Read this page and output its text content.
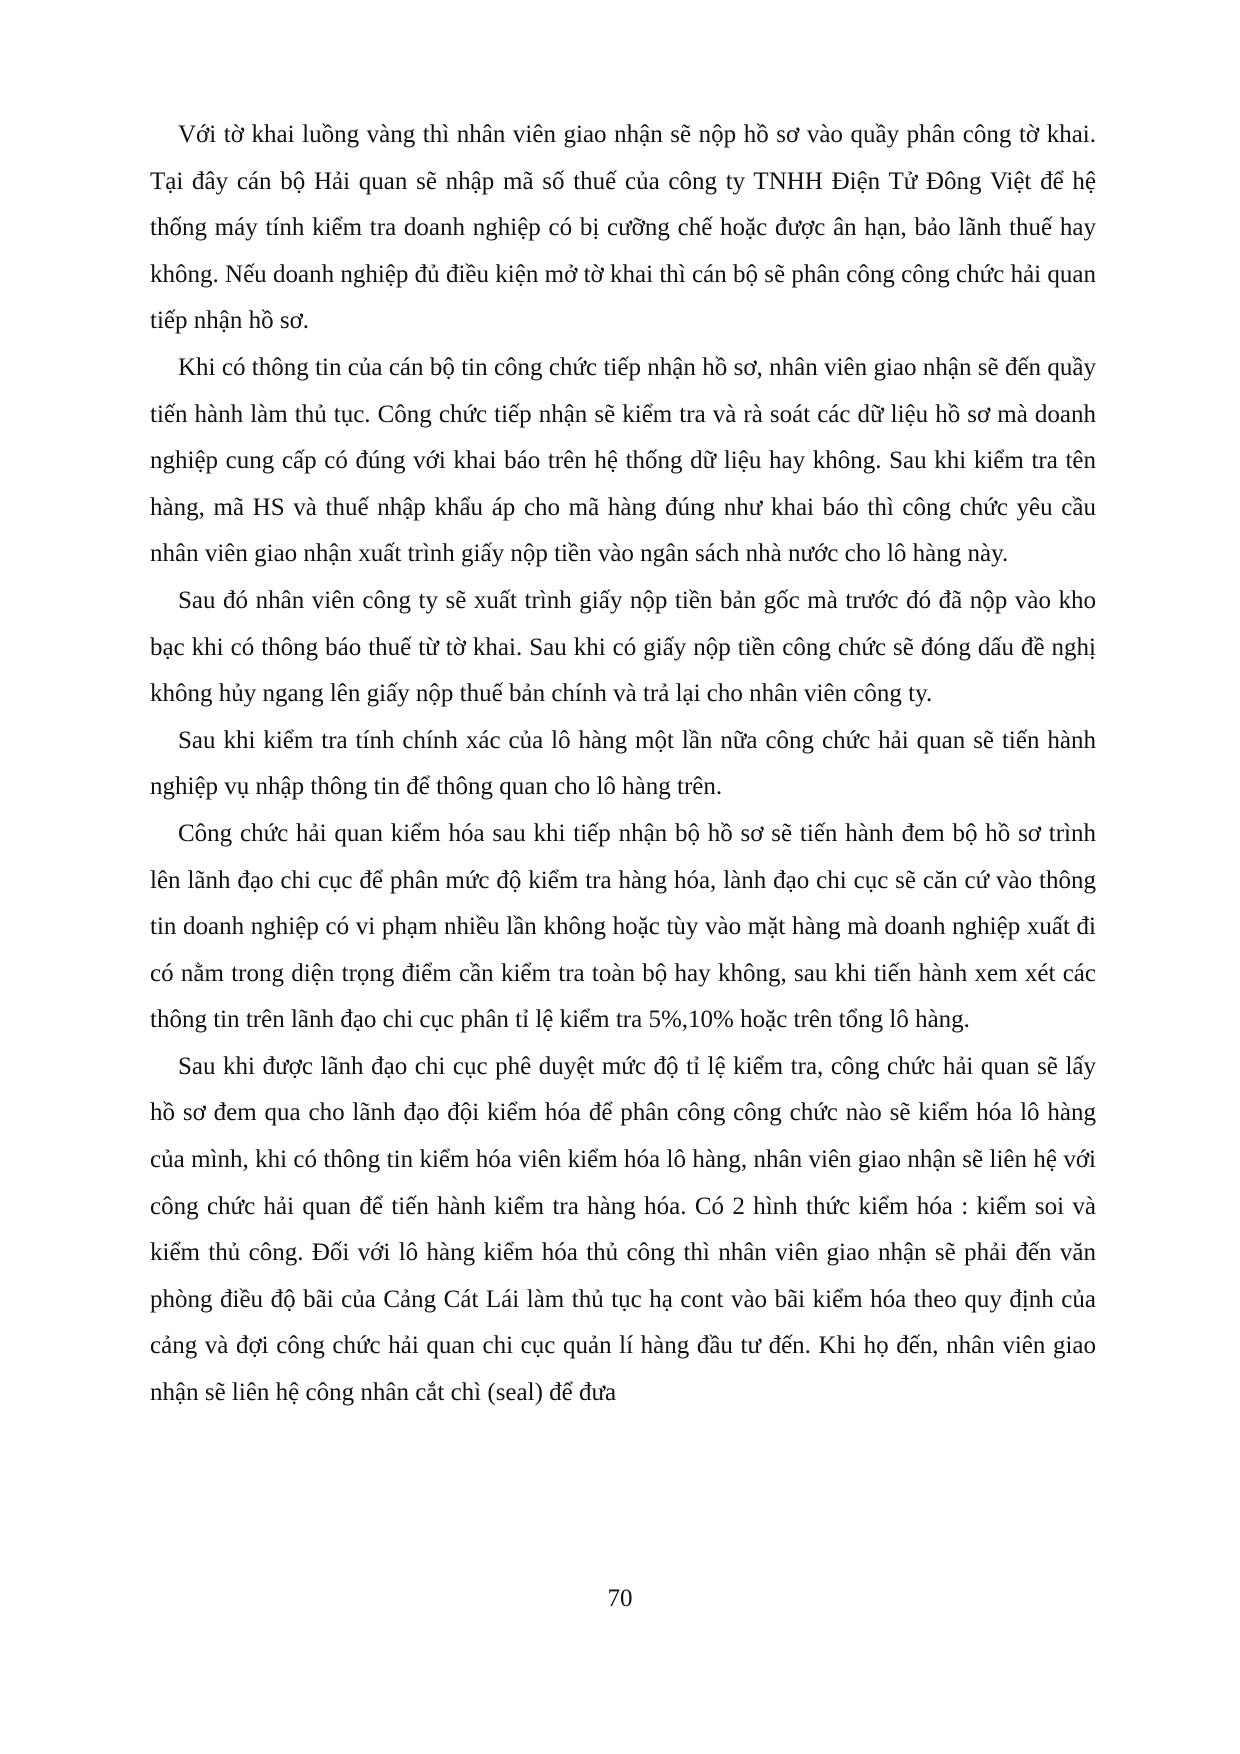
Với tờ khai luồng vàng thì nhân viên giao nhận sẽ nộp hồ sơ vào quầy phân công tờ khai. Tại đây cán bộ Hải quan sẽ nhập mã số thuế của công ty TNHH Điện Tử Đông Việt để hệ thống máy tính kiểm tra doanh nghiệp có bị cưỡng chế hoặc được ân hạn, bảo lãnh thuế hay không. Nếu doanh nghiệp đủ điều kiện mở tờ khai thì cán bộ sẽ phân công công chức hải quan tiếp nhận hồ sơ.

Khi có thông tin của cán bộ tin công chức tiếp nhận hồ sơ, nhân viên giao nhận sẽ đến quầy tiến hành làm thủ tục. Công chức tiếp nhận sẽ kiểm tra và rà soát các dữ liệu hồ sơ mà doanh nghiệp cung cấp có đúng với khai báo trên hệ thống dữ liệu hay không. Sau khi kiểm tra tên hàng, mã HS và thuế nhập khẩu áp cho mã hàng đúng như khai báo thì công chức yêu cầu nhân viên giao nhận xuất trình giấy nộp tiền vào ngân sách nhà nước cho lô hàng này.

Sau đó nhân viên công ty sẽ xuất trình giấy nộp tiền bản gốc mà trước đó đã nộp vào kho bạc khi có thông báo thuế từ tờ khai. Sau khi có giấy nộp tiền công chức sẽ đóng dấu đề nghị không hủy ngang lên giấy nộp thuế bản chính và trả lại cho nhân viên công ty.

Sau khi kiểm tra tính chính xác của lô hàng một lần nữa công chức hải quan sẽ tiến hành nghiệp vụ nhập thông tin để thông quan cho lô hàng trên.

Công chức hải quan kiểm hóa sau khi tiếp nhận bộ hồ sơ sẽ tiến hành đem bộ hồ sơ trình lên lãnh đạo chi cục để phân mức độ kiểm tra hàng hóa, lành đạo chi cục sẽ căn cứ vào thông tin doanh nghiệp có vi phạm nhiều lần không hoặc tùy vào mặt hàng mà doanh nghiệp xuất đi có nằm trong diện trọng điểm cần kiểm tra toàn bộ hay không, sau khi tiến hành xem xét các thông tin trên lãnh đạo chi cục phân tỉ lệ kiểm tra 5%,10% hoặc trên tổng lô hàng.

Sau khi được lãnh đạo chi cục phê duyệt mức độ tỉ lệ kiểm tra, công chức hải quan sẽ lấy hồ sơ đem qua cho lãnh đạo đội kiểm hóa để phân công công chức nào sẽ kiểm hóa lô hàng của mình, khi có thông tin kiểm hóa viên kiểm hóa lô hàng, nhân viên giao nhận sẽ liên hệ với công chức hải quan để tiến hành kiểm tra hàng hóa. Có 2 hình thức kiểm hóa : kiểm soi và kiểm thủ công. Đối với lô hàng kiểm hóa thủ công thì nhân viên giao nhận sẽ phải đến văn phòng điều độ bãi của Cảng Cát Lái làm thủ tục hạ cont vào bãi kiểm hóa theo quy định của cảng và đợi công chức hải quan chi cục quản lí hàng đầu tư đến. Khi họ đến, nhân viên giao nhận sẽ liên hệ công nhân cắt chì (seal) để đưa

70
